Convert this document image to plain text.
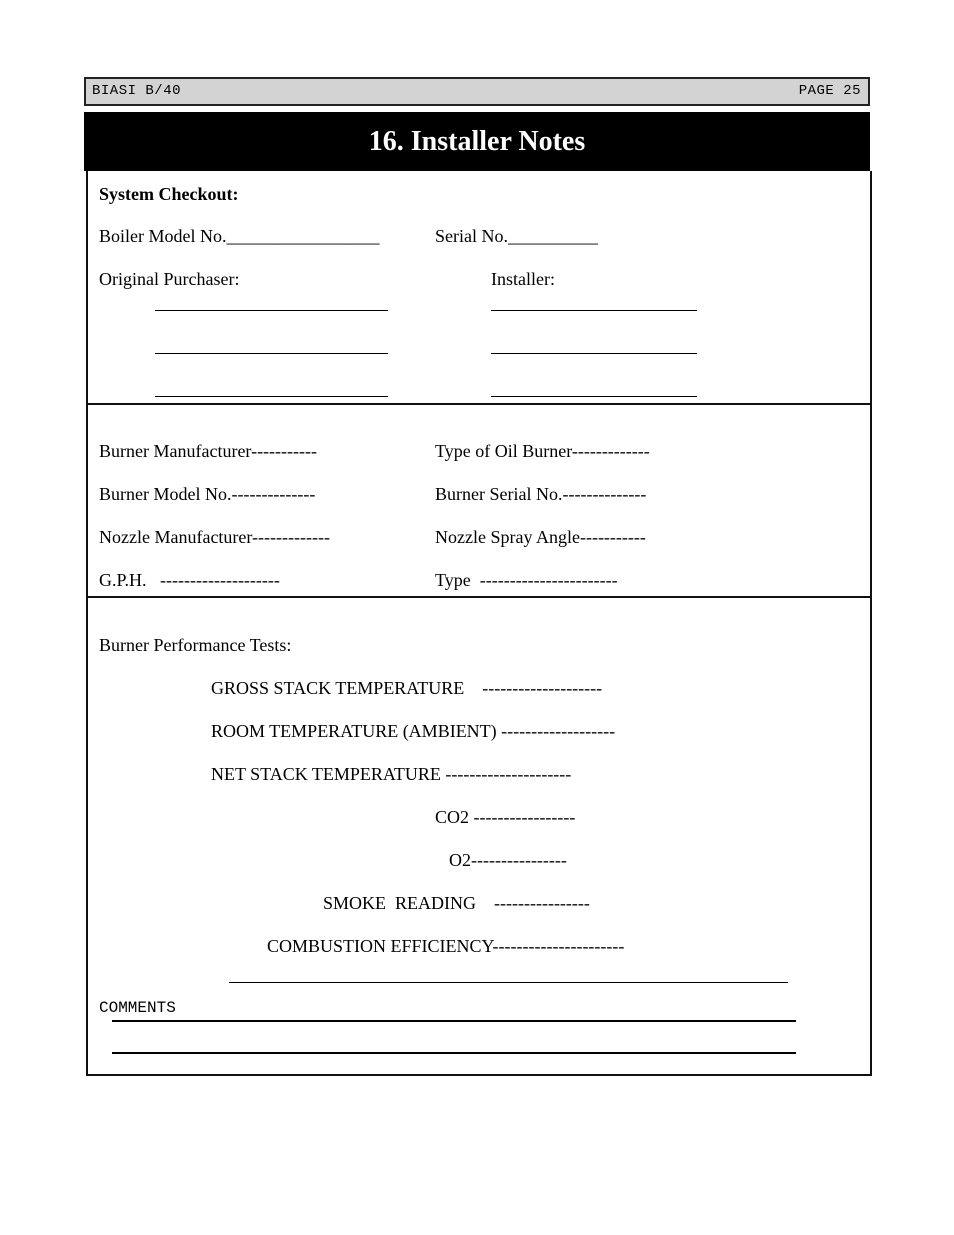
BIASI B/40	PAGE 25
16. Installer Notes
System Checkout:
Boiler Model No._________________	Serial No.__________
Original Purchaser:	Installer:
Burner Manufacturer-----------	Type of Oil Burner-------------
Burner Model No.--------------	Burner Serial No.--------------
Nozzle Manufacturer-------------	Nozzle Spray Angle-----------
G.P.H.   --------------------	Type  -----------------------
Burner Performance Tests:
GROSS STACK TEMPERATURE    --------------------
ROOM TEMPERATURE (AMBIENT) -------------------
NET STACK TEMPERATURE ---------------------
CO2 -----------------
O2----------------
SMOKE  READING    ----------------
COMBUSTION EFFICIENCY----------------------
COMMENTS
